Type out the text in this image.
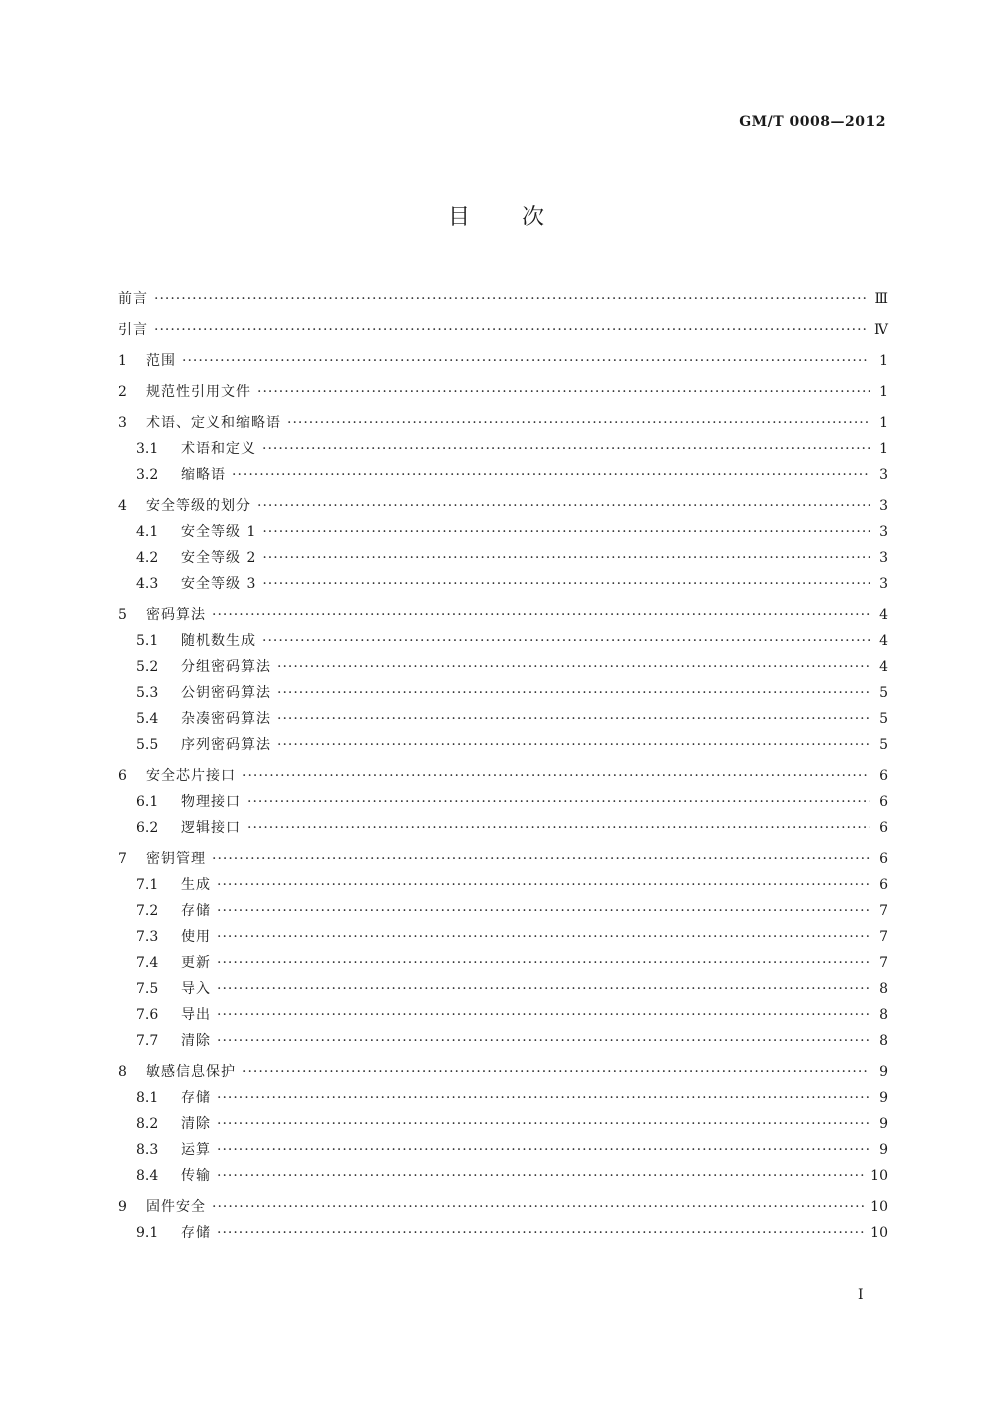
GM/T 0008—2012
目 次
前言 ·····	Ⅲ
引言 ·····	Ⅳ
1	范围 ·····	1
2	规范性引用文件 ·····	1
3	术语、定义和缩略语 ·····	1
3.1	术语和定义 ·····	1
3.2	缩略语 ·····	3
4	安全等级的划分 ·····	3
4.1	安全等级 1 ·····	3
4.2	安全等级 2 ·····	3
4.3	安全等级 3 ·····	3
5	密码算法 ·····	4
5.1	随机数生成 ·····	4
5.2	分组密码算法 ·····	4
5.3	公钥密码算法 ·····	5
5.4	杂凑密码算法 ·····	5
5.5	序列密码算法 ·····	5
6	安全芯片接口 ·····	6
6.1	物理接口 ·····	6
6.2	逻辑接口 ·····	6
7	密钥管理 ·····	6
7.1	生成 ·····	6
7.2	存储 ·····	7
7.3	使用 ·····	7
7.4	更新 ·····	7
7.5	导入 ·····	8
7.6	导出 ·····	8
7.7	清除 ·····	8
8	敏感信息保护 ·····	9
8.1	存储 ·····	9
8.2	清除 ·····	9
8.3	运算 ·····	9
8.4	传输 ·····	10
9	固件安全 ·····	10
9.1	存储 ·····	10
I
